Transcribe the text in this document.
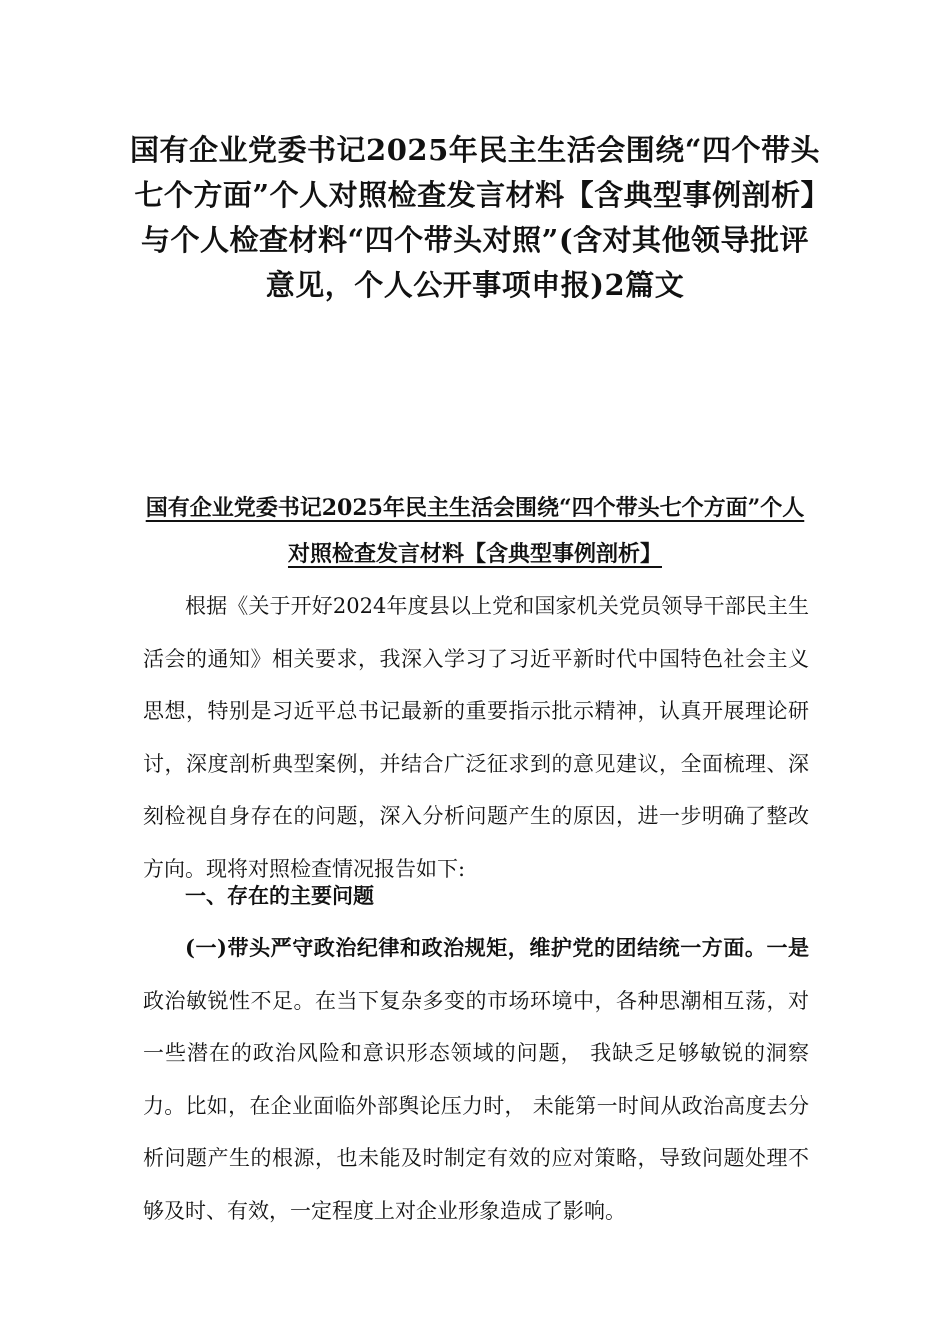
国有企业党委书记2025年民主生活会围绕“四个带头七个方面”个人对照检查发言材料【含典型事例剖析】与个人检查材料“四个带头对照”(含对其他领导批评意见，个人公开事项申报)2篇文
国有企业党委书记2025年民主生活会围绕“四个带头七个方面”个人对照检查发言材料【含典型事例剖析】

根据《关于开好2024年度县以上党和国家机关党员领导干部民主生活会的通知》相关要求，我深入学习了习近平新时代中国特色社会主义思想，特别是习近平总书记最新的重要指示批示精神，认真开展理论研讨，深度剖析典型案例，并结合广泛征求到的意见建议，全面梳理、深刻检视自身存在的问题，深入分析问题产生的原因，进一步明确了整改方向。现将对照检查情况报告如下:

一、存在的主要问题

(一)带头严守政治纪律和政治规矩，维护党的团结统一方面。一是政治敏锐性不足。在当下复杂多变的市场环境中，各种思潮相互荡，对一些潜在的政治风险和意识形态领域的问题， 我缺乏足够敏锐的洞察力。比如，在企业面临外部舆论压力时， 未能第一时间从政治高度去分析问题产生的根源，也未能及时制定有效的应对策略，导致问题处理不够及时、有效，一定程度上对企业形象造成了影响。
